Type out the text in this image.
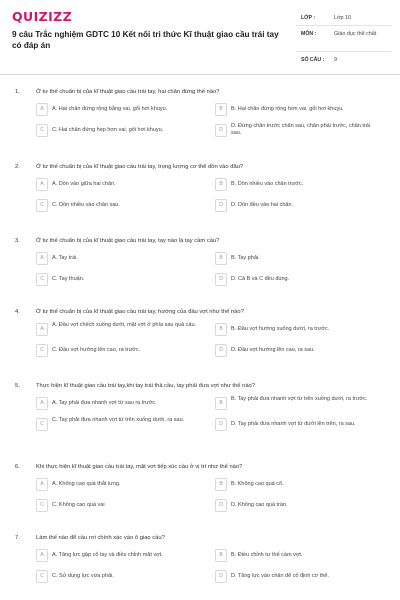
QUIZIZZ
9 câu Trắc nghiệm GDTC 10 Kết nối tri thức Kĩ thuật giao cầu trái tay có đáp án
LỚP :	Lớp 10
MÔN :	Giáo dục thể chất
SỐ CÂU : 9
1.	Ở tư thế chuẩn bị của kĩ thuật giao cầu trái tay, hai chân đứng thế nào?
A	A. Hai chân đứng rộng bằng vai, gối hơi khuỵu.	B	B. Hai chân đứng rộng hơn vai, gối hơi khuỵu.
C	C. Hai chân đứng hẹp hơn vai, gối hơi khuỵu.	D
D. Đứng chân trước chân sau, chân phải trước, chân trái sau.
2.	Ở tư thế chuẩn bị của kĩ thuật giao cầu trái tay, trọng lượng cơ thể dồn vào đâu?
A	A. Dồn vào giữa hai chân.	B	B. Dồn nhiều vào chân trước.
C	C. Dồn nhiều vào chân sau.	D	D. Dồn đều vào hai chân.
3.	Ở tư thế chuẩn bị của kĩ thuật giao cầu trái tay, tay nào là tay cầm cầu?
A	A. Tay trái.	B	B. Tay phải.
C	C. Tay thuận.	D	D. Cả B và C đều đúng.
4.	Ở tư thế chuẩn bị của kĩ thuật giao cầu trái tay, hướng của đầu vợt như thế nào?
A
A. Đầu vợt chếch xuống dưới, mặt vợt ở phía sau quả cầu.
B	B. Đầu vợt hướng xuống dưới, ra trước.
C	C. Đầu vợt hướng lên cao, ra trước.	D	D. Đầu vợt hướng lên cao, ra sau.
5.	Thực hiện kĩ thuật giao cầu trái tay,khi tay trái thả cầu, tay phải đưa vợt như thế nào?
A	A. Tay phải đưa nhanh vợt từ sau ra trước.	B
B. Tay phải đưa nhanh vợt từ trên xuống dưới, ra trước.
C
C. Tay phải đưa nhanh vợt từ trên xuống dưới, ra sau.
D	D. Tay phải đưa nhanh vợt từ dưới lên trên, ra sau.
6.	Khi thực hiện kĩ thuật giao cầu trái tay, mặt vợt tiếp xúc cầu ở vị trí như thế nào?
A	A. Không cao quá thắt lưng.	B	B. Không cao quá cổ.
C	C. Không cao quá vai	D	D. Không cao quá trán.
7.	Làm thế nào để cầu rơi chính xác vào ô giao cầu?
A	A. Tăng lực gập cổ tay và điều chỉnh mặt vợt.	B	B. Điều chỉnh tư thế cầm vợt.
C	C. Sử dụng lực vừa phải.	D	D. Tăng lực vào chân để cố định cơ thể.
